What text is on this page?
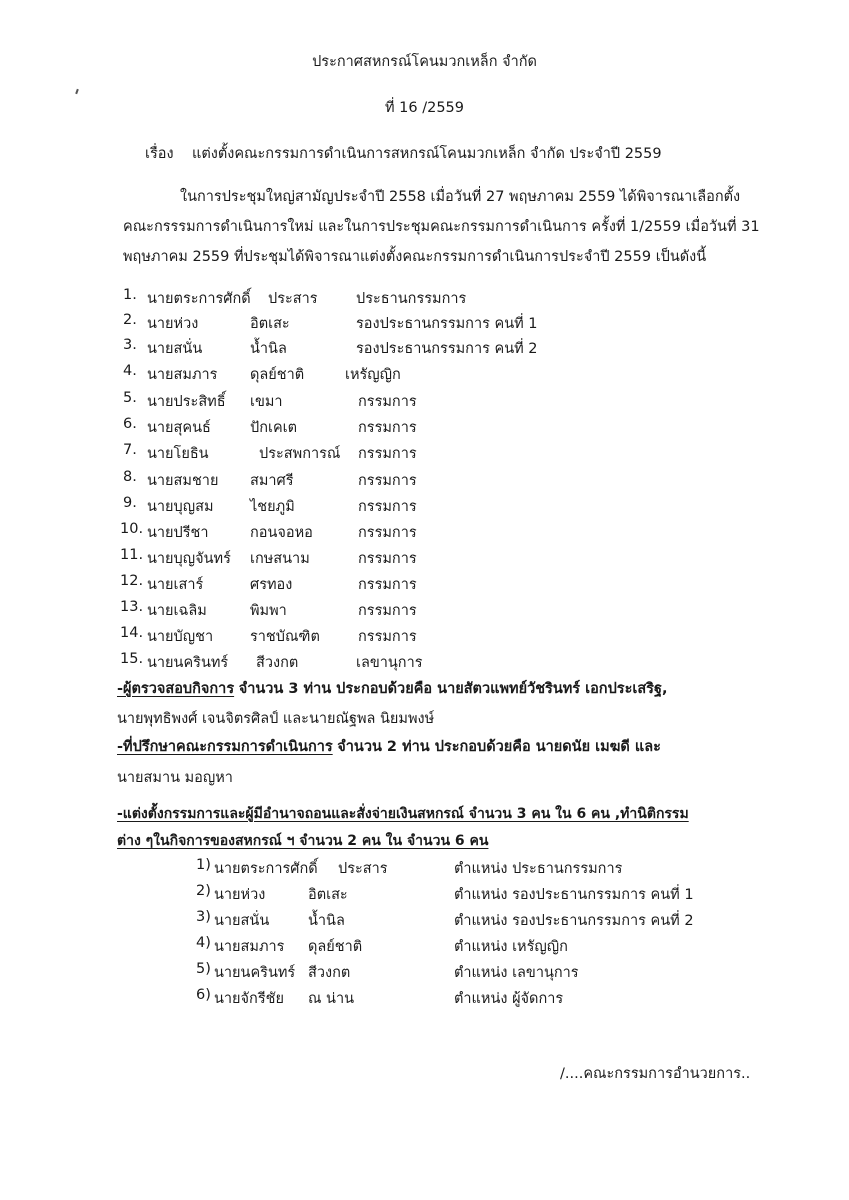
ประกาศสหกรณ์โคนมวกเหล็ก จำกัด
ที่ 16 /2559
เรื่อง แต่งตั้งคณะกรรมการดำเนินการสหกรณ์โคนมวกเหล็ก จำกัด ประจำปี 2559
ในการประชุมใหญ่สามัญประจำปี 2558 เมื่อวันที่ 27 พฤษภาคม 2559 ได้พิจารณาเลือกตั้ง
คณะกรรรมการดำเนินการใหม่ และในการประชุมคณะกรรมการดำเนินการ ครั้งที่ 1/2559 เมื่อวันที่ 31
พฤษภาคม 2559 ที่ประชุมได้พิจารณาแต่งตั้งคณะกรรมการดำเนินการประจำปี 2559 เป็นดังนี้
1. นายตระการศักดิ์ ประสาร	ประธานกรรมการ
2. นายห่วง	อิตเสะ	รองประธานกรรมการ คนที่ 1
3. นายสนั่น	น้ำนิล	รองประธานกรรมการ คนที่ 2
4. นายสมภาร ดุลย์ชาติ	เหรัญญิก
5. นายประสิทธิ์ เขมา	กรรมการ
6. นายสุคนธ์	ปักเคเต	กรรมการ
7. นายโยธิน	ประสพการณ์ กรรมการ
8. นายสมชาย สมาศรี	กรรมการ
9. นายบุญสม	ไชยภูมิ	กรรมการ
10. นายปรีชา	กอนจอหอ	กรรมการ
11. นายบุญจันทร์ เกษสนาม	กรรมการ
12. นายเสาร์	ศรทอง	กรรมการ
13. นายเฉลิม	พิมพา	กรรมการ
14. นายบัญชา	ราชบัณฑิต	กรรมการ
15. นายนครินทร์ สีวงกต	เลขานุการ
-ผู้ตรวจสอบกิจการ จำนวน 3 ท่าน ประกอบด้วยคือ นายสัตวแพทย์วัชรินทร์ เอกประเสริฐ,
นายพุทธิพงศ์ เจนจิตรศิลป์ และนายณัฐพล นิยมพงษ์
-ที่ปรึกษาคณะกรรมการดำเนินการ จำนวน 2 ท่าน ประกอบด้วยคือ นายดนัย เมฆดี และ
นายสมาน มอญหา
-แต่งตั้งกรรมการและผู้มีอำนาจถอนและสั่งจ่ายเงินสหกรณ์ จำนวน 3 คน ใน 6 คน ,ทำนิติกรรม
ต่าง ๆในกิจการของสหกรณ์ ฯ จำนวน 2 คน ใน จำนวน 6 คน
1) นายตระการศักดิ์ ประสาร	ตำแหน่ง ประธานกรรมการ
2) นายห่วง	อิตเสะ	ตำแหน่ง รองประธานกรรมการ คนที่ 1
3) นายสนั่น	น้ำนิล	ตำแหน่ง รองประธานกรรมการ คนที่ 2
4) นายสมภาร ดุลย์ชาติ	ตำแหน่ง เหรัญญิก
5) นายนครินทร์ สีวงกต	ตำแหน่ง เลขานุการ
6) นายจักรีชัย ณ น่าน	ตำแหน่ง ผู้จัดการ
/....คณะกรรมการอำนวยการ..
